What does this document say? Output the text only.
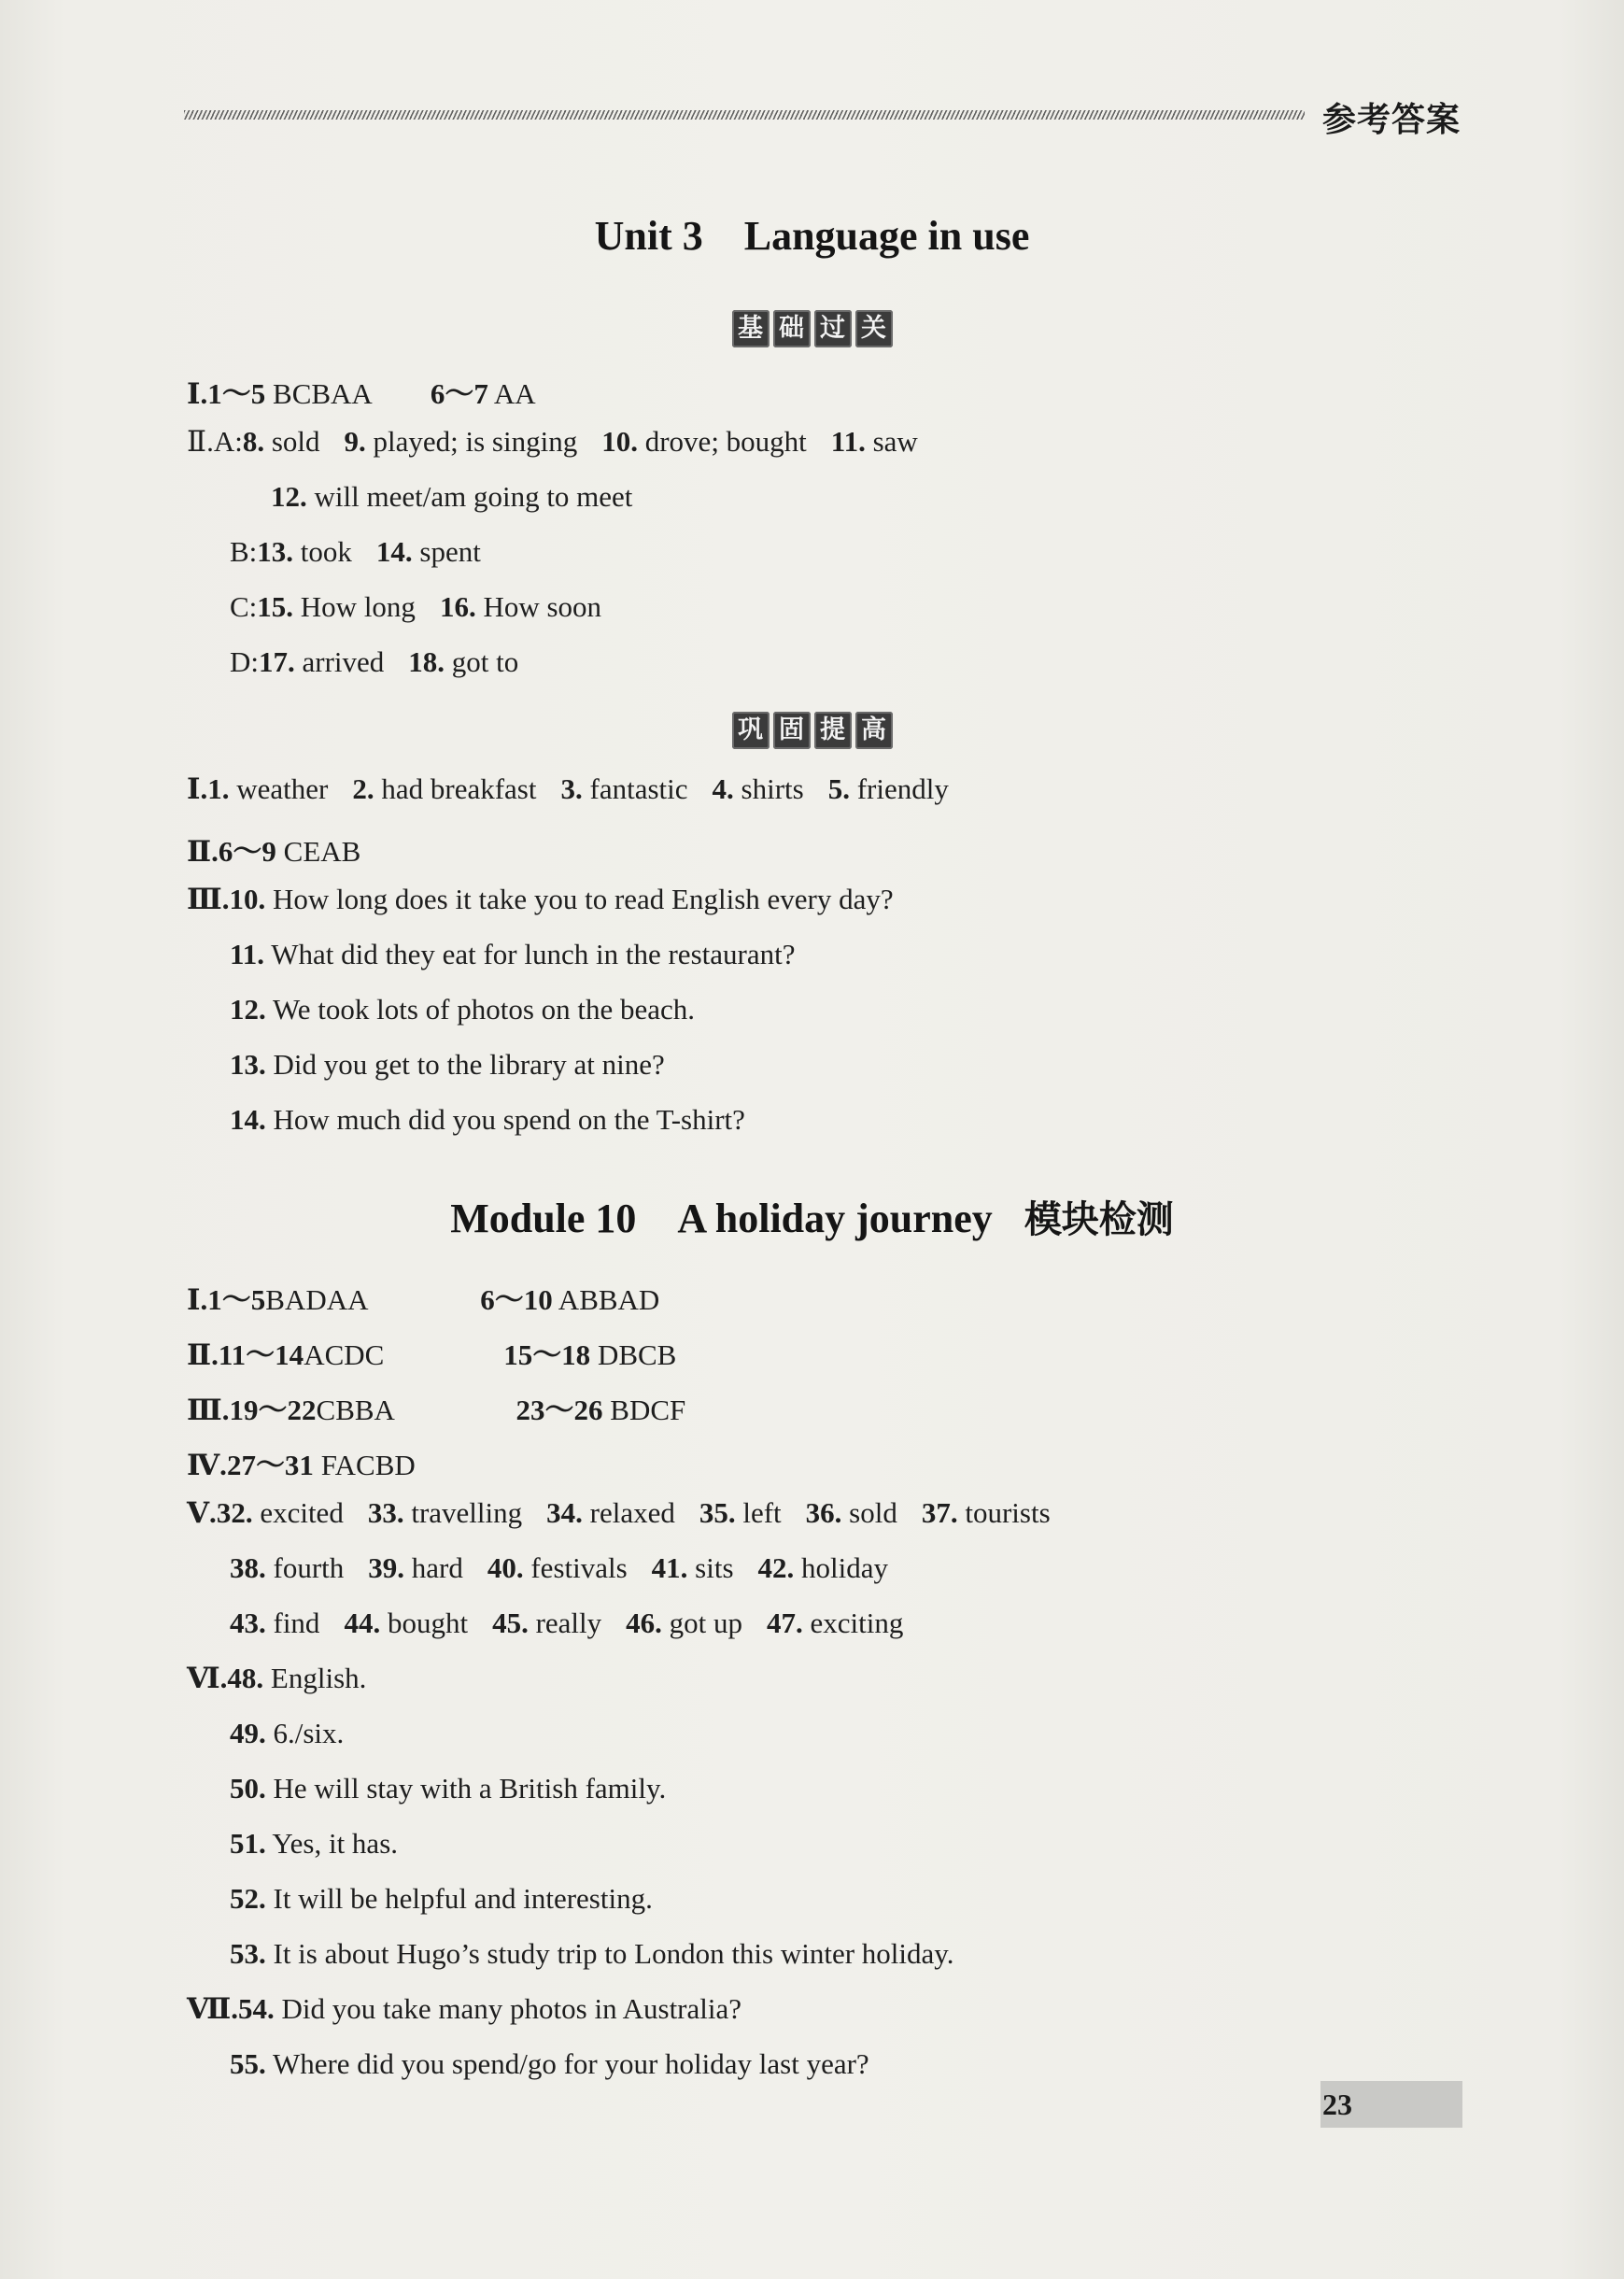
参考答案
Unit 3　Language in use
基 础 过 关
Ⅰ.1～5 BCBAA 6～7 AA
Ⅱ.A:8. sold 9. played; is singing 10. drove; bought 11. saw
12. will meet/am going to meet
B:13. took 14. spent
C:15. How long 16. How soon
D:17. arrived 18. got to
巩 固 提 高
Ⅰ.1. weather 2. had breakfast 3. fantastic 4. shirts 5. friendly
Ⅱ.6～9 CEAB
Ⅲ.10. How long does it take you to read English every day?
11. What did they eat for lunch in the restaurant?
12. We took lots of photos on the beach.
13. Did you get to the library at nine?
14. How much did you spend on the T-shirt?
Module 10　A holiday journey 模块检测
Ⅰ.1～5BADAA	6～10 ABBAD
Ⅱ.11～14ACDC	15～18 DBCB
Ⅲ.19～22CBBA	23～26 BDCF
Ⅳ.27～31 FACBD
Ⅴ.32. excited 33. travelling 34. relaxed 35. left 36. sold 37. tourists
38. fourth 39. hard 40. festivals 41. sits 42. holiday
43. find 44. bought 45. really 46. got up 47. exciting
Ⅵ.48. English.
49. 6./six.
50. He will stay with a British family.
51. Yes, it has.
52. It will be helpful and interesting.
53. It is about Hugo’s study trip to London this winter holiday.
Ⅶ.54. Did you take many photos in Australia?
55. Where did you spend/go for your holiday last year?
23
